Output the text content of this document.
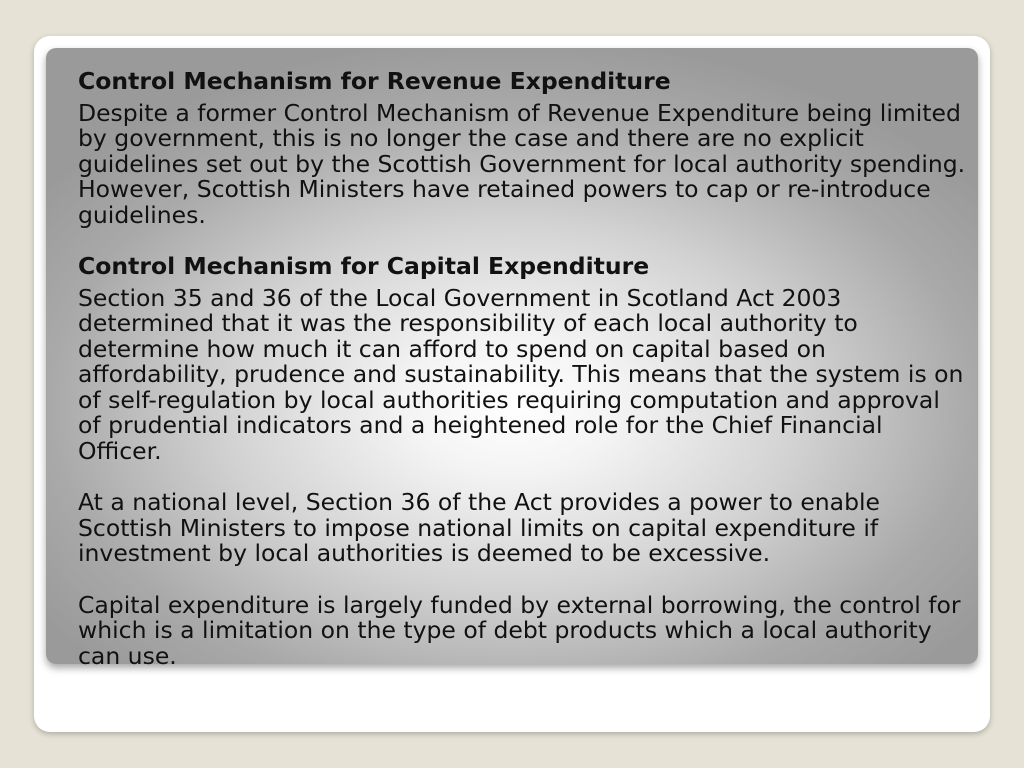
Control Mechanism for Revenue Expenditure

Despite a former Control Mechanism of Revenue Expenditure being limited by government, this is no longer the case and there are no explicit guidelines set out by the Scottish Government for local authority spending. However, Scottish Ministers have retained powers to cap or re-introduce guidelines.

Control Mechanism for Capital Expenditure

Section 35 and 36 of the Local Government in Scotland Act 2003 determined that it was the responsibility of each local authority to determine how much it can afford to spend on capital based on affordability, prudence and sustainability. This means that the system is on of self-regulation by local authorities requiring computation and approval of prudential indicators and a heightened role for the Chief Financial Officer.

At a national level, Section 36 of the Act provides a power to enable Scottish Ministers to impose national limits on capital expenditure if investment by local authorities is deemed to be excessive.

Capital expenditure is largely funded by external borrowing, the control for which is a limitation on the type of debt products which a local authority can use.
